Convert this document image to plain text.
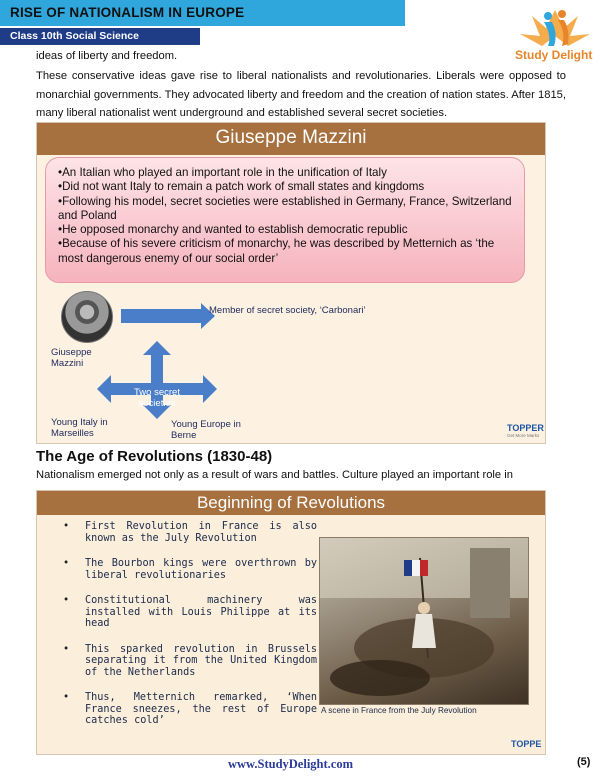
RISE OF NATIONALISM IN EUROPE
Class 10th Social Science
Study Delight
ideas of liberty and freedom.
These conservative ideas gave rise to liberal nationalists and revolutionaries. Liberals were opposed to monarchial governments. They advocated liberty and freedom and the creation of nation states. After 1815, many liberal nationalist went underground and established several secret societies.
Giuseppe Mazzini
• An Italian who played an important role in the unification of Italy
• Did not want Italy to remain a patch work of small states and kingdoms
• Following his model, secret societies were established in Germany, France, Switzerland and Poland
• He opposed monarchy and wanted to establish democratic republic
• Because of his severe criticism of monarchy, he was described by Metternich as ‘the most dangerous enemy of our social order’
Giuseppe Mazzini
Member of secret society, ‘Carbonari’
Two secret societies
Young Italy in Marseilles
Young Europe in Berne
TOPPER
Get More Marks
The Age of Revolutions (1830-48)
Nationalism emerged not only as a result of wars and battles. Culture played an important role in
Beginning of Revolutions
• First Revolution in France is also known as the July Revolution
• The Bourbon kings were overthrown by liberal revolutionaries
• Constitutional machinery was installed with Louis Philippe at its head
• This sparked revolution in Brussels separating it from the United Kingdom of the Netherlands
• Thus, Metternich remarked, ‘When France sneezes, the rest of Europe catches cold’
A scene in France from the July Revolution
TOPPE
www.StudyDelight.com	(5)
